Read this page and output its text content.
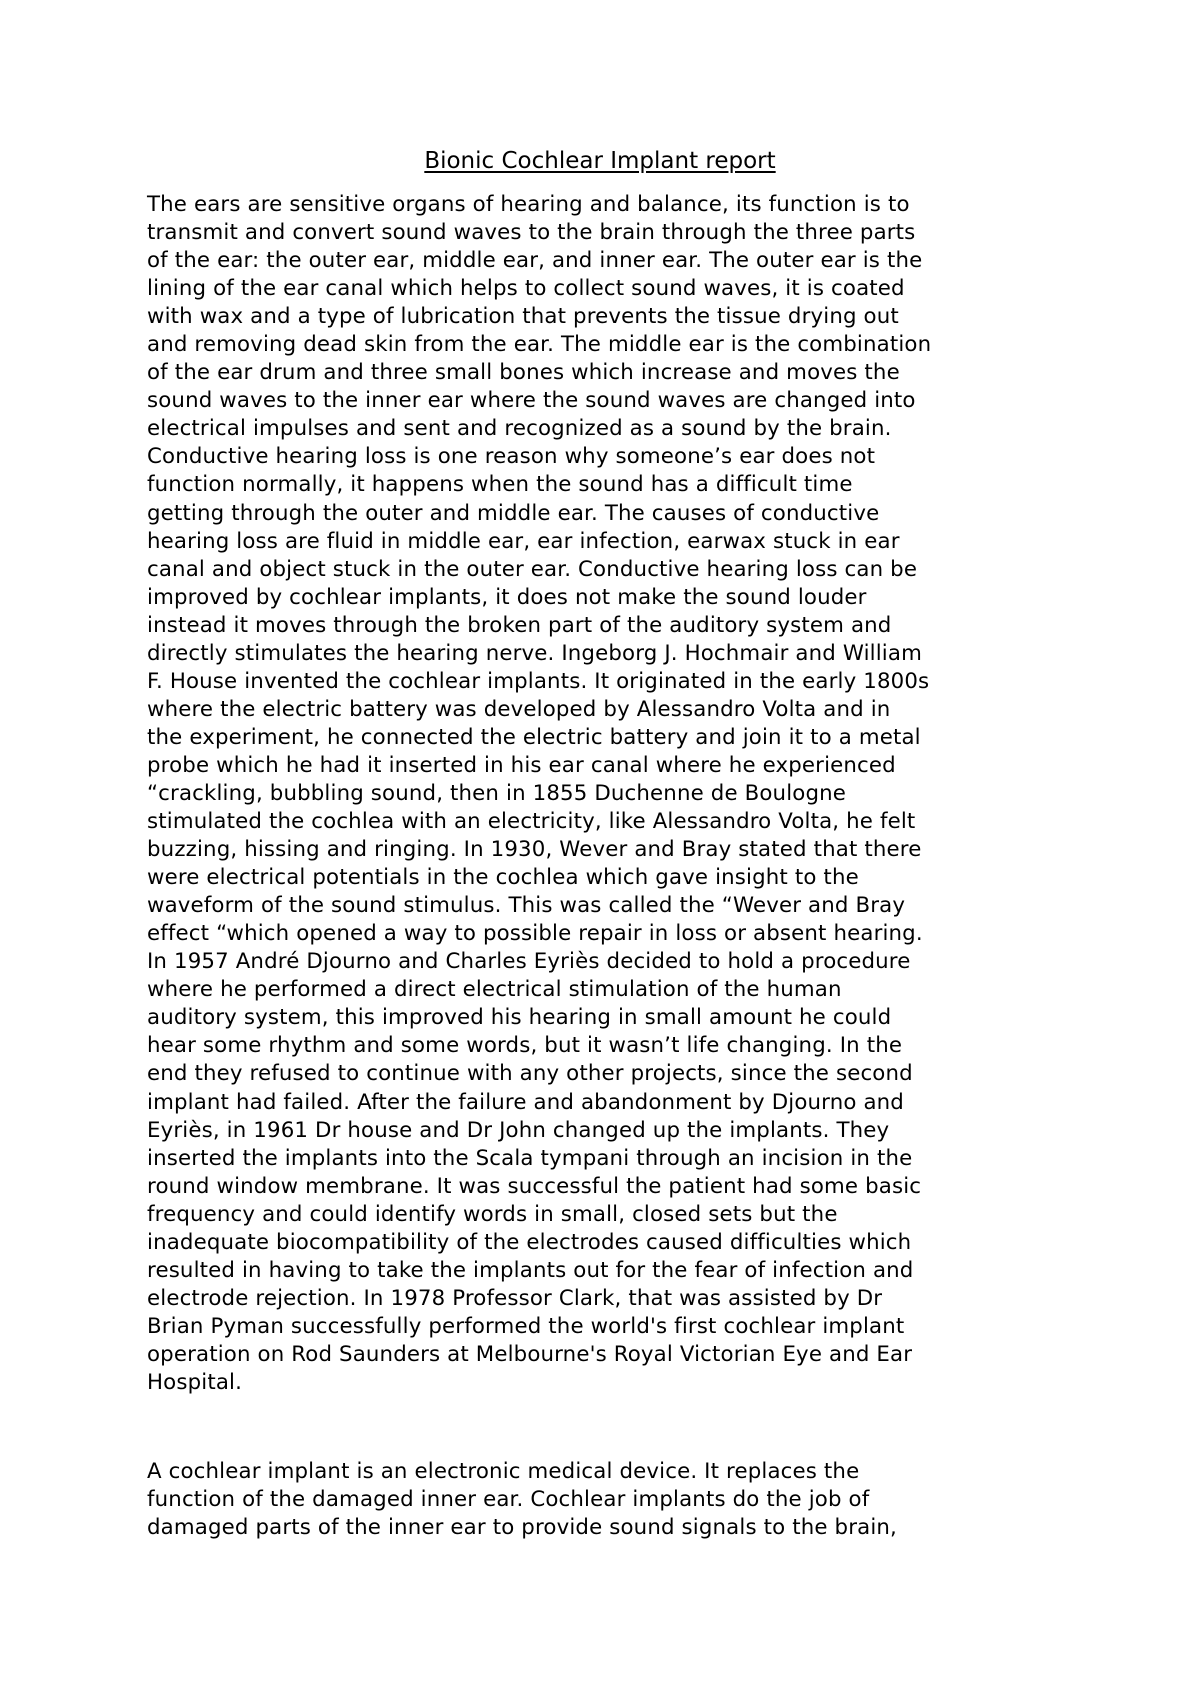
Bionic Cochlear Implant report

The ears are sensitive organs of hearing and balance, its function is to
transmit and convert sound waves to the brain through the three parts
of the ear: the outer ear, middle ear, and inner ear. The outer ear is the
lining of the ear canal which helps to collect sound waves, it is coated
with wax and a type of lubrication that prevents the tissue drying out
and removing dead skin from the ear. The middle ear is the combination
of the ear drum and three small bones which increase and moves the
sound waves to the inner ear where the sound waves are changed into
electrical impulses and sent and recognized as a sound by the brain.
Conductive hearing loss is one reason why someone’s ear does not
function normally, it happens when the sound has a difficult time
getting through the outer and middle ear. The causes of conductive
hearing loss are fluid in middle ear, ear infection, earwax stuck in ear
canal and object stuck in the outer ear. Conductive hearing loss can be
improved by cochlear implants, it does not make the sound louder
instead it moves through the broken part of the auditory system and
directly stimulates the hearing nerve. Ingeborg J. Hochmair and William
F. House invented the cochlear implants. It originated in the early 1800s
where the electric battery was developed by Alessandro Volta and in
the experiment, he connected the electric battery and join it to a metal
probe which he had it inserted in his ear canal where he experienced
“crackling, bubbling sound, then in 1855 Duchenne de Boulogne
stimulated the cochlea with an electricity, like Alessandro Volta, he felt
buzzing, hissing and ringing. In 1930, Wever and Bray stated that there
were electrical potentials in the cochlea which gave insight to the
waveform of the sound stimulus. This was called the “Wever and Bray
effect “which opened a way to possible repair in loss or absent hearing.
In 1957 André Djourno and Charles Eyriès decided to hold a procedure
where he performed a direct electrical stimulation of the human
auditory system, this improved his hearing in small amount he could
hear some rhythm and some words, but it wasn’t life changing. In the
end they refused to continue with any other projects, since the second
implant had failed. After the failure and abandonment by Djourno and
Eyriès, in 1961 Dr house and Dr John changed up the implants. They
inserted the implants into the Scala tympani through an incision in the
round window membrane. It was successful the patient had some basic
frequency and could identify words in small, closed sets but the
inadequate biocompatibility of the electrodes caused difficulties which
resulted in having to take the implants out for the fear of infection and
electrode rejection. In 1978 Professor Clark, that was assisted by Dr
Brian Pyman successfully performed the world's first cochlear implant
operation on Rod Saunders at Melbourne's Royal Victorian Eye and Ear
Hospital.

A cochlear implant is an electronic medical device. It replaces the
function of the damaged inner ear. Cochlear implants do the job of
damaged parts of the inner ear to provide sound signals to the brain,
